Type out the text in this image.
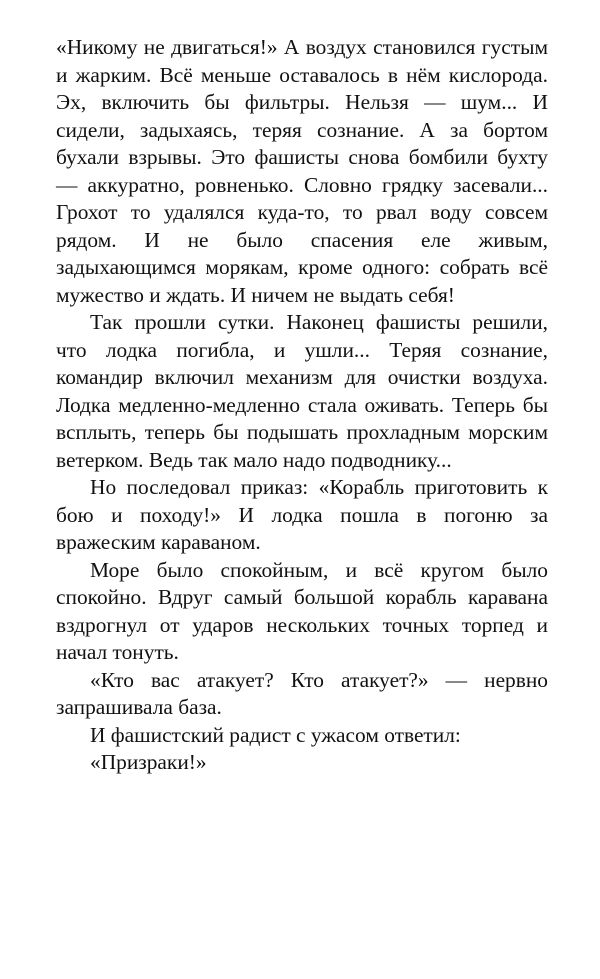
«Никому не двигаться!» А воздух становился густым и жарким. Всё меньше оставалось в нём кислорода. Эх, включить бы фильтры. Нельзя — шум... И сидели, задыхаясь, теряя сознание. А за бортом бухали взрывы. Это фашисты снова бомбили бухту — аккуратно, ровненько. Словно грядку засевали... Грохот то удалялся куда-то, то рвал воду совсем рядом. И не было спасения еле живым, задыхающимся морякам, кроме одного: собрать всё мужество и ждать. И ничем не выдать себя!

Так прошли сутки. Наконец фашисты решили, что лодка погибла, и ушли... Теряя сознание, командир включил механизм для очистки воздуха. Лодка медленно-медленно стала оживать. Теперь бы всплыть, теперь бы подышать прохладным морским ветерком. Ведь так мало надо подводнику...

Но последовал приказ: «Корабль приготовить к бою и походу!» И лодка пошла в погоню за вражеским караваном.

Море было спокойным, и всё кругом было спокойно. Вдруг самый большой корабль каравана вздрогнул от ударов нескольких точных торпед и начал тонуть.

«Кто вас атакует? Кто атакует?» — нервно запрашивала база.

И фашистский радист с ужасом ответил:

«Призраки!»
